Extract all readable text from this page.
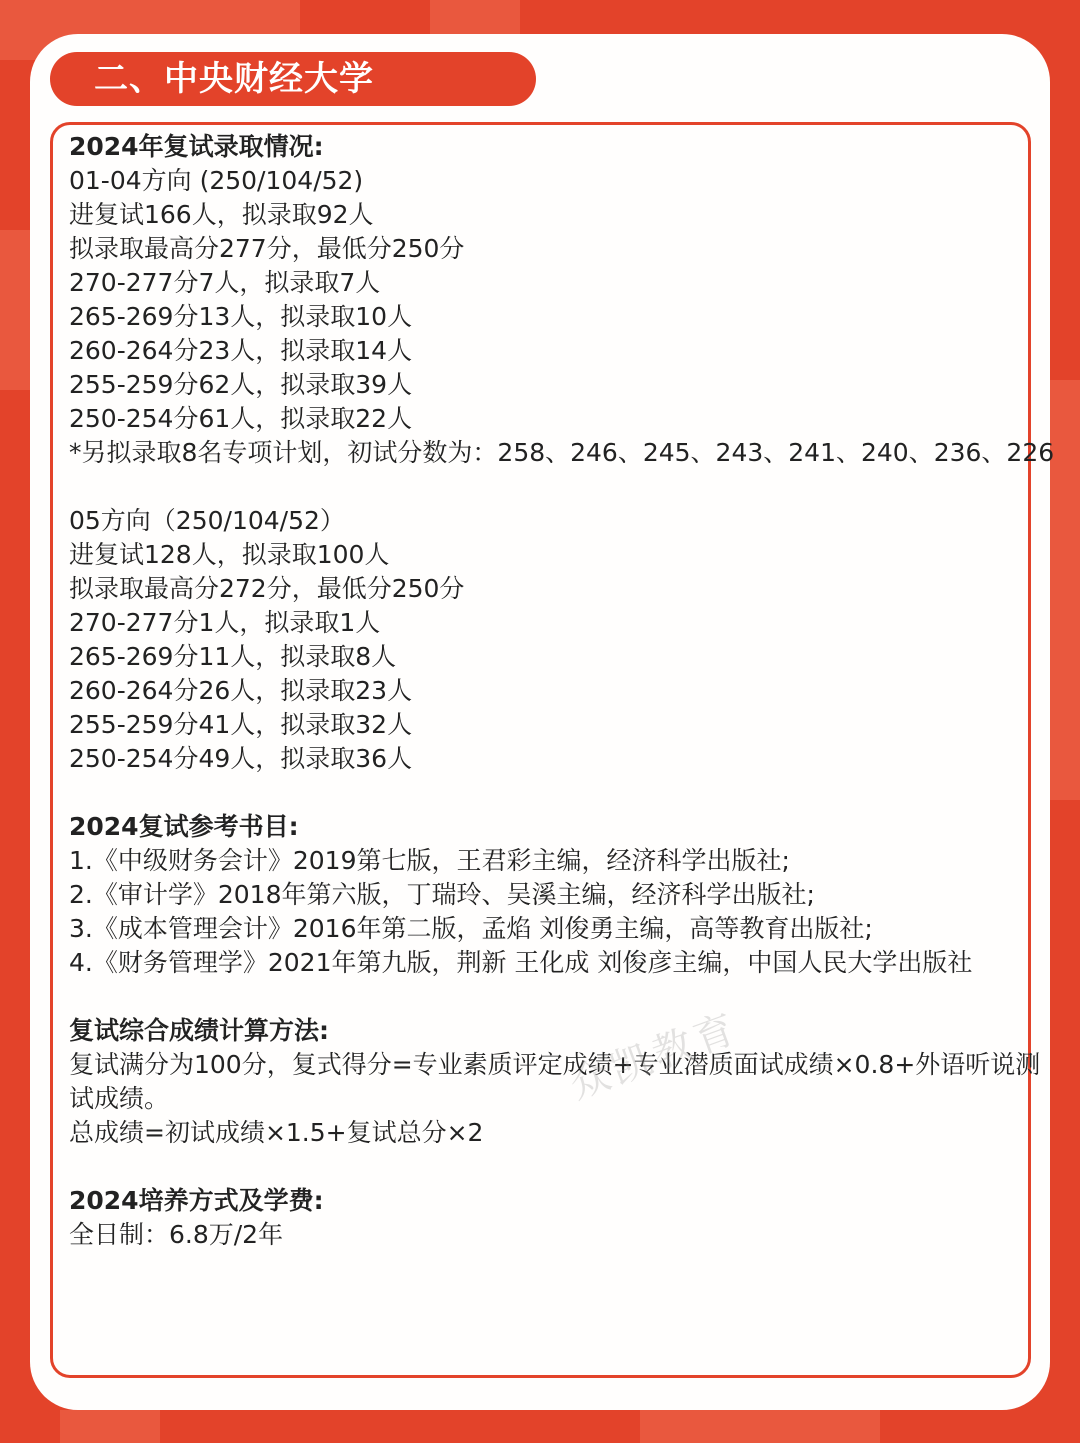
二、中央财经大学
2024年复试录取情况:
01-04方向 (250/104/52)
进复试166人，拟录取92人
拟录取最高分277分，最低分250分
270-277分7人，拟录取7人
265-269分13人，拟录取10人
260-264分23人，拟录取14人
255-259分62人，拟录取39人
250-254分61人，拟录取22人
*另拟录取8名专项计划，初试分数为：258、246、245、243、241、240、236、226
05方向（250/104/52）
进复试128人，拟录取100人
拟录取最高分272分，最低分250分
270-277分1人，拟录取1人
265-269分11人，拟录取8人
260-264分26人，拟录取23人
255-259分41人，拟录取32人
250-254分49人，拟录取36人
2024复试参考书目:
1.《中级财务会计》2019第七版，王君彩主编，经济科学出版社;
2.《审计学》2018年第六版，丁瑞玲、吴溪主编，经济科学出版社;
3.《成本管理会计》2016年第二版，孟焰 刘俊勇主编，高等教育出版社;
4.《财务管理学》2021年第九版，荆新 王化成 刘俊彦主编，中国人民大学出版社
复试综合成绩计算方法:
复试满分为100分，复式得分=专业素质评定成绩+专业潜质面试成绩×0.8+外语听说测试成绩。
总成绩=初试成绩×1.5+复试总分×2
2024培养方式及学费:
全日制：6.8万/2年
众凯教育
